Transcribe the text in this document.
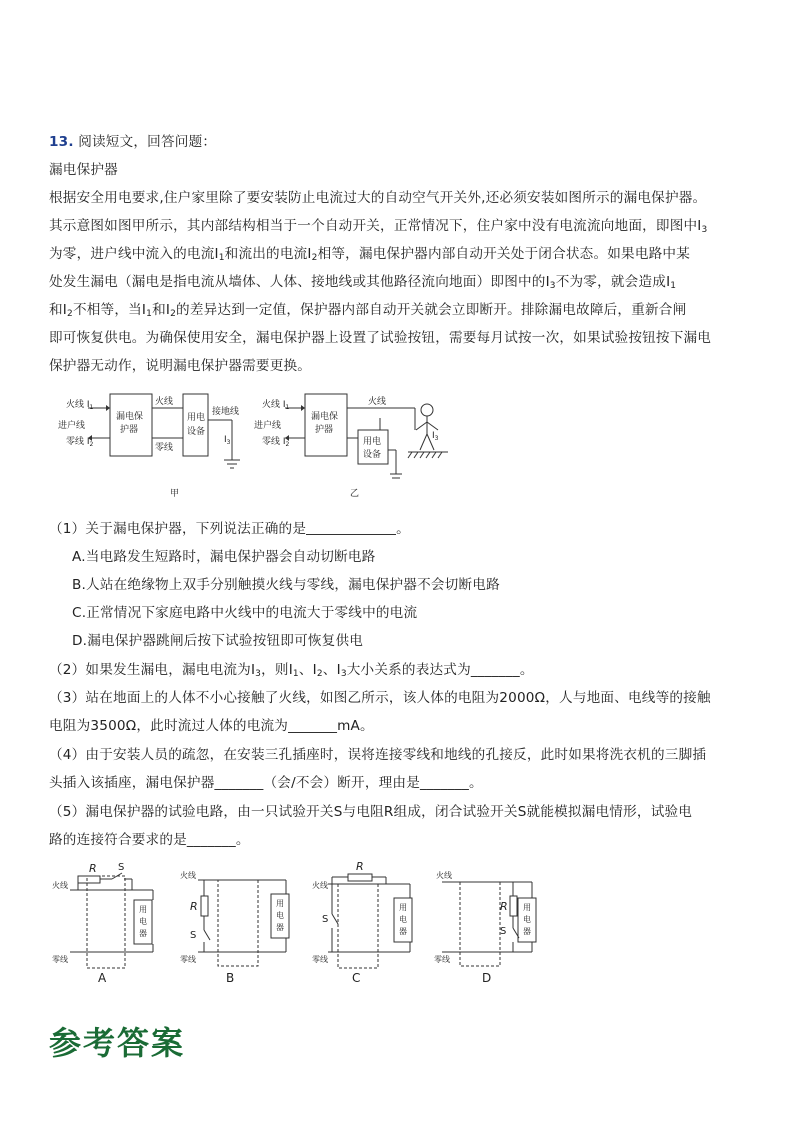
13. 阅读短文，回答问题：
漏电保护器
根据安全用电要求,住户家里除了要安装防止电流过大的自动空气开关外,还必须安装如图所示的漏电保护器。
其示意图如图甲所示，其内部结构相当于一个自动开关，正常情况下，住户家中没有电流流向地面，即图中$I_3$
为零，进户线中流入的电流$I_1$和流出的电流$I_2$相等，漏电保护器内部自动开关处于闭合状态。如果电路中某
处发生漏电（漏电是指电流从墙体、人体、接地线或其他路径流向地面）即图中的$I_3$不为零，就会造成$I_1$
和$I_2$不相等，当$I_1$和$I_2$的差异达到一定值，保护器内部自动开关就会立即断开。排除漏电故障后，重新合闸
即可恢复供电。为确保使用安全，漏电保护器上设置了试验按钮，需要每月试按一次，如果试验按钮按下漏电
保护器无动作，说明漏电保护器需要更换。
火线 $I_1$
进户线
零线 $I_2$
漏电保
护器
火线
零线
用电
设备
接地线
$I_3$
甲
火线 $I_1$
进户线
零线 $I_2$
漏电保
护器
火线
用电
设备
$I_3$
乙
（1）关于漏电保护器，下列说法正确的是	。
A.当电路发生短路时，漏电保护器会自动切断电路
B.人站在绝缘物上双手分别触摸火线与零线，漏电保护器不会切断电路
C.正常情况下家庭电路中火线中的电流大于零线中的电流
D.漏电保护器跳闸后按下试验按钮即可恢复供电
（2）如果发生漏电，漏电电流为$I_3$，则$I_1$、$I_2$、$I_3$大小关系的表达式为_______。
（3）站在地面上的人体不小心接触了火线，如图乙所示，该人体的电阻为2000Ω，人与地面、电线等的接触
电阻为3500Ω，此时流过人体的电流为_______mA。
（4）由于安装人员的疏忽，在安装三孔插座时，误将连接零线和地线的孔接反，此时如果将洗衣机的三脚插
头插入该插座，漏电保护器_______（会/不会）断开，理由是_______。
（5）漏电保护器的试验电路，由一只试验开关S与电阻R组成，闭合试验开关S就能模拟漏电情形，试验电
路的连接符合要求的是_______。
火线
零线
R S
用
电
器
A
火线
零线
R
S
用
电
器
B
火线
零线
R
S
用
电
器
C
火线
零线
R
S
用
电
器
D
参考答案
